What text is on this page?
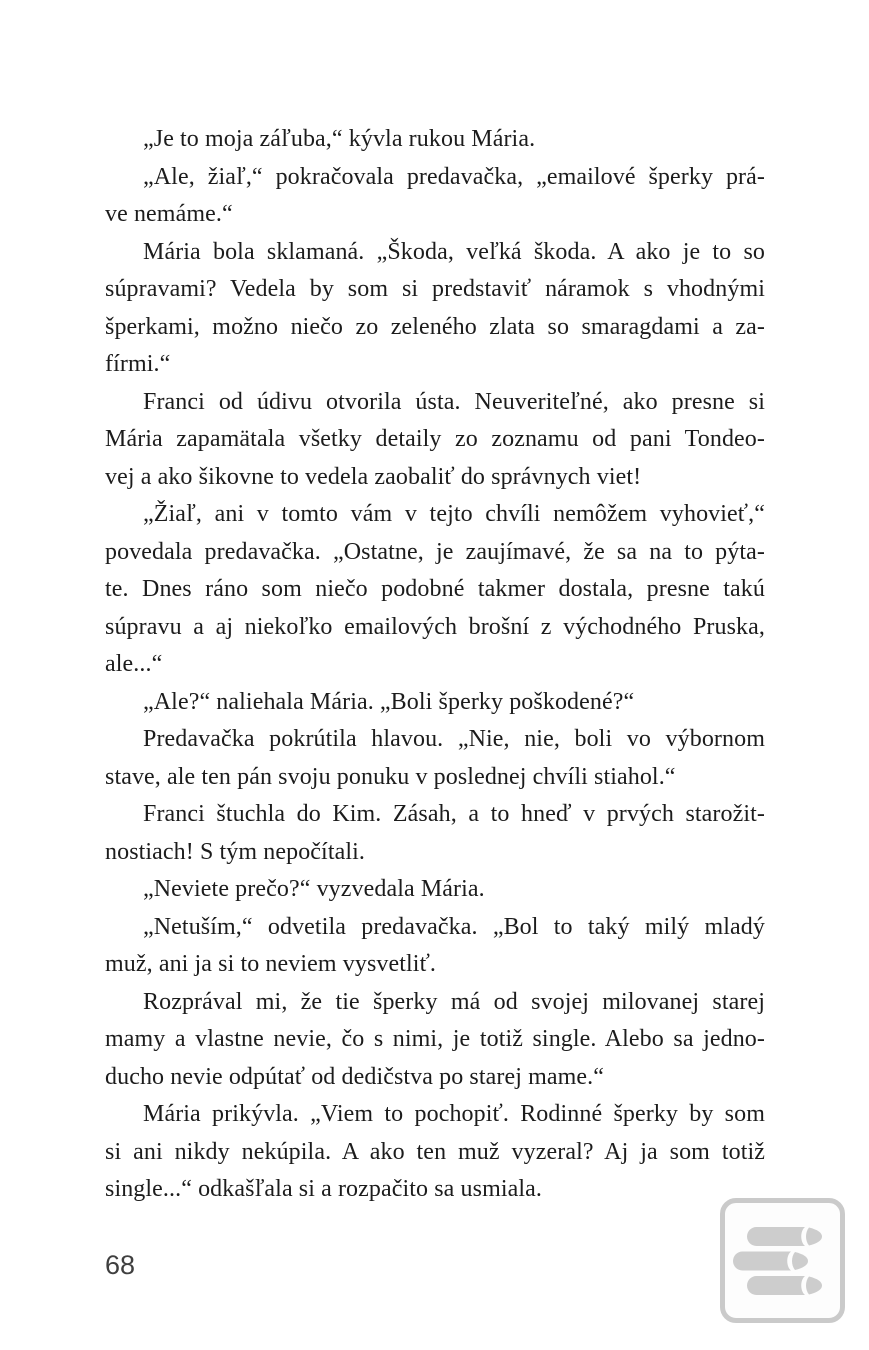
„Je to moja záľuba,“ kývla rukou Mária.
„Ale, žiaľ,“ pokračovala predavačka, „emailové šperky prá-
ve nemáme.“
Mária bola sklamaná. „Škoda, veľká škoda. A ako je to so
súpravami? Vedela by som si predstaviť náramok s vhodnými
šperkami, možno niečo zo zeleného zlata so smaragdami a za-
fírmi.“
Franci od údivu otvorila ústa. Neuveriteľné, ako presne si
Mária zapamätala všetky detaily zo zoznamu od pani Tondeo-
vej a ako šikovne to vedela zaobaliť do správnych viet!
„Žiaľ, ani v tomto vám v tejto chvíli nemôžem vyhovieť,“
povedala predavačka. „Ostatne, je zaujímavé, že sa na to pýta-
te. Dnes ráno som niečo podobné takmer dostala, presne takú
súpravu a aj niekoľko emailových brošní z východného Pruska,
ale...“
„Ale?“ naliehala Mária. „Boli šperky poškodené?“
Predavačka pokrútila hlavou. „Nie, nie, boli vo výbornom
stave, ale ten pán svoju ponuku v poslednej chvíli stiahol.“
Franci štuchla do Kim. Zásah, a to hneď v prvých starožit-
nostiach! S tým nepočítali.
„Neviete prečo?“ vyzvedala Mária.
„Netuším,“ odvetila predavačka. „Bol to taký milý mladý
muž, ani ja si to neviem vysvetliť.
Rozprával mi, že tie šperky má od svojej milovanej starej
mamy a vlastne nevie, čo s nimi, je totiž single. Alebo sa jedno-
ducho nevie odpútať od dedičstva po starej mame.“
Mária prikývla. „Viem to pochopiť. Rodinné šperky by som
si ani nikdy nekúpila. A ako ten muž vyzeral? Aj ja som totiž
single...“ odkašľala si a rozpačito sa usmiala.
68
